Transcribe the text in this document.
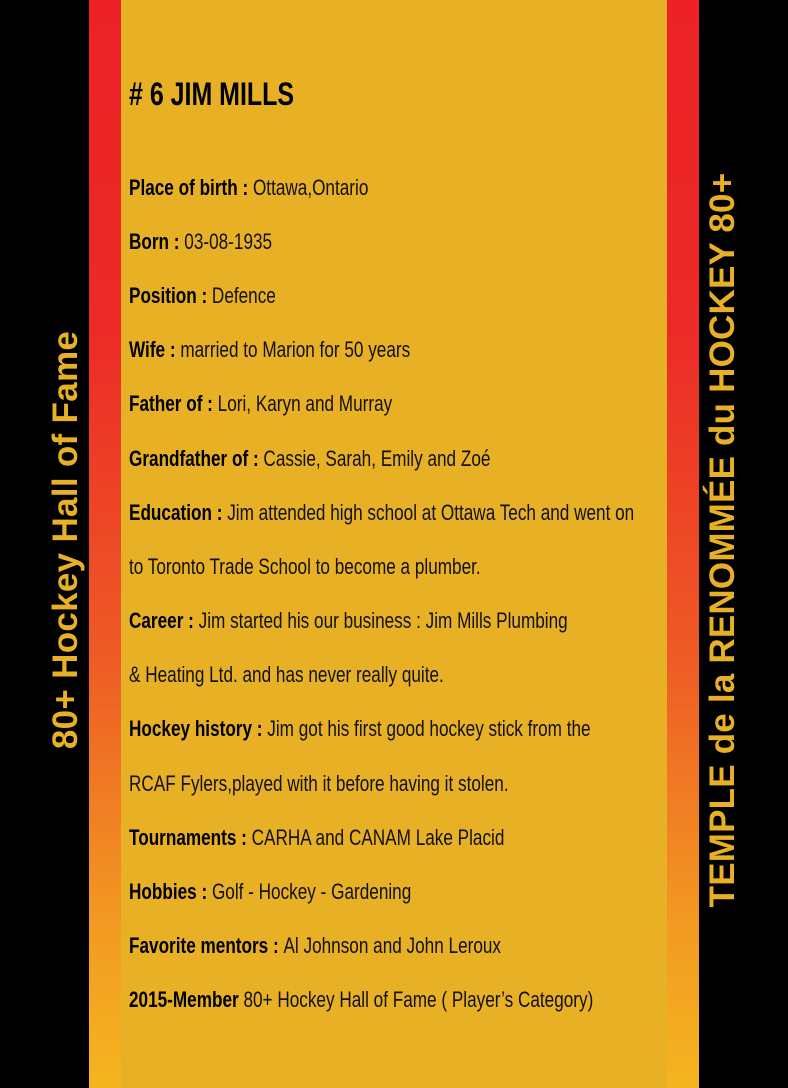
80+ Hockey Hall of Fame	TEMPLE de la RENOMMÉE du HOCKEY 80+
# 6 JIM MILLS
Place of birth : Ottawa,Ontario
Born : 03-08-1935
Position : Defence
Wife : married to Marion for 50 years
Father of : Lori, Karyn and Murray
Grandfather of : Cassie, Sarah, Emily and Zoé
Education : Jim attended high school at Ottawa Tech and went on
to Toronto Trade School to become a plumber.
Career : Jim started his our business : Jim Mills Plumbing
& Heating Ltd. and has never really quite.
Hockey history : Jim got his first good hockey stick from the
RCAF Fylers,played with it before having it stolen.
Tournaments : CARHA and CANAM Lake Placid
Hobbies : Golf - Hockey - Gardening
Favorite mentors : Al Johnson and John Leroux
2015-Member 80+ Hockey Hall of Fame ( Player’s Category)
